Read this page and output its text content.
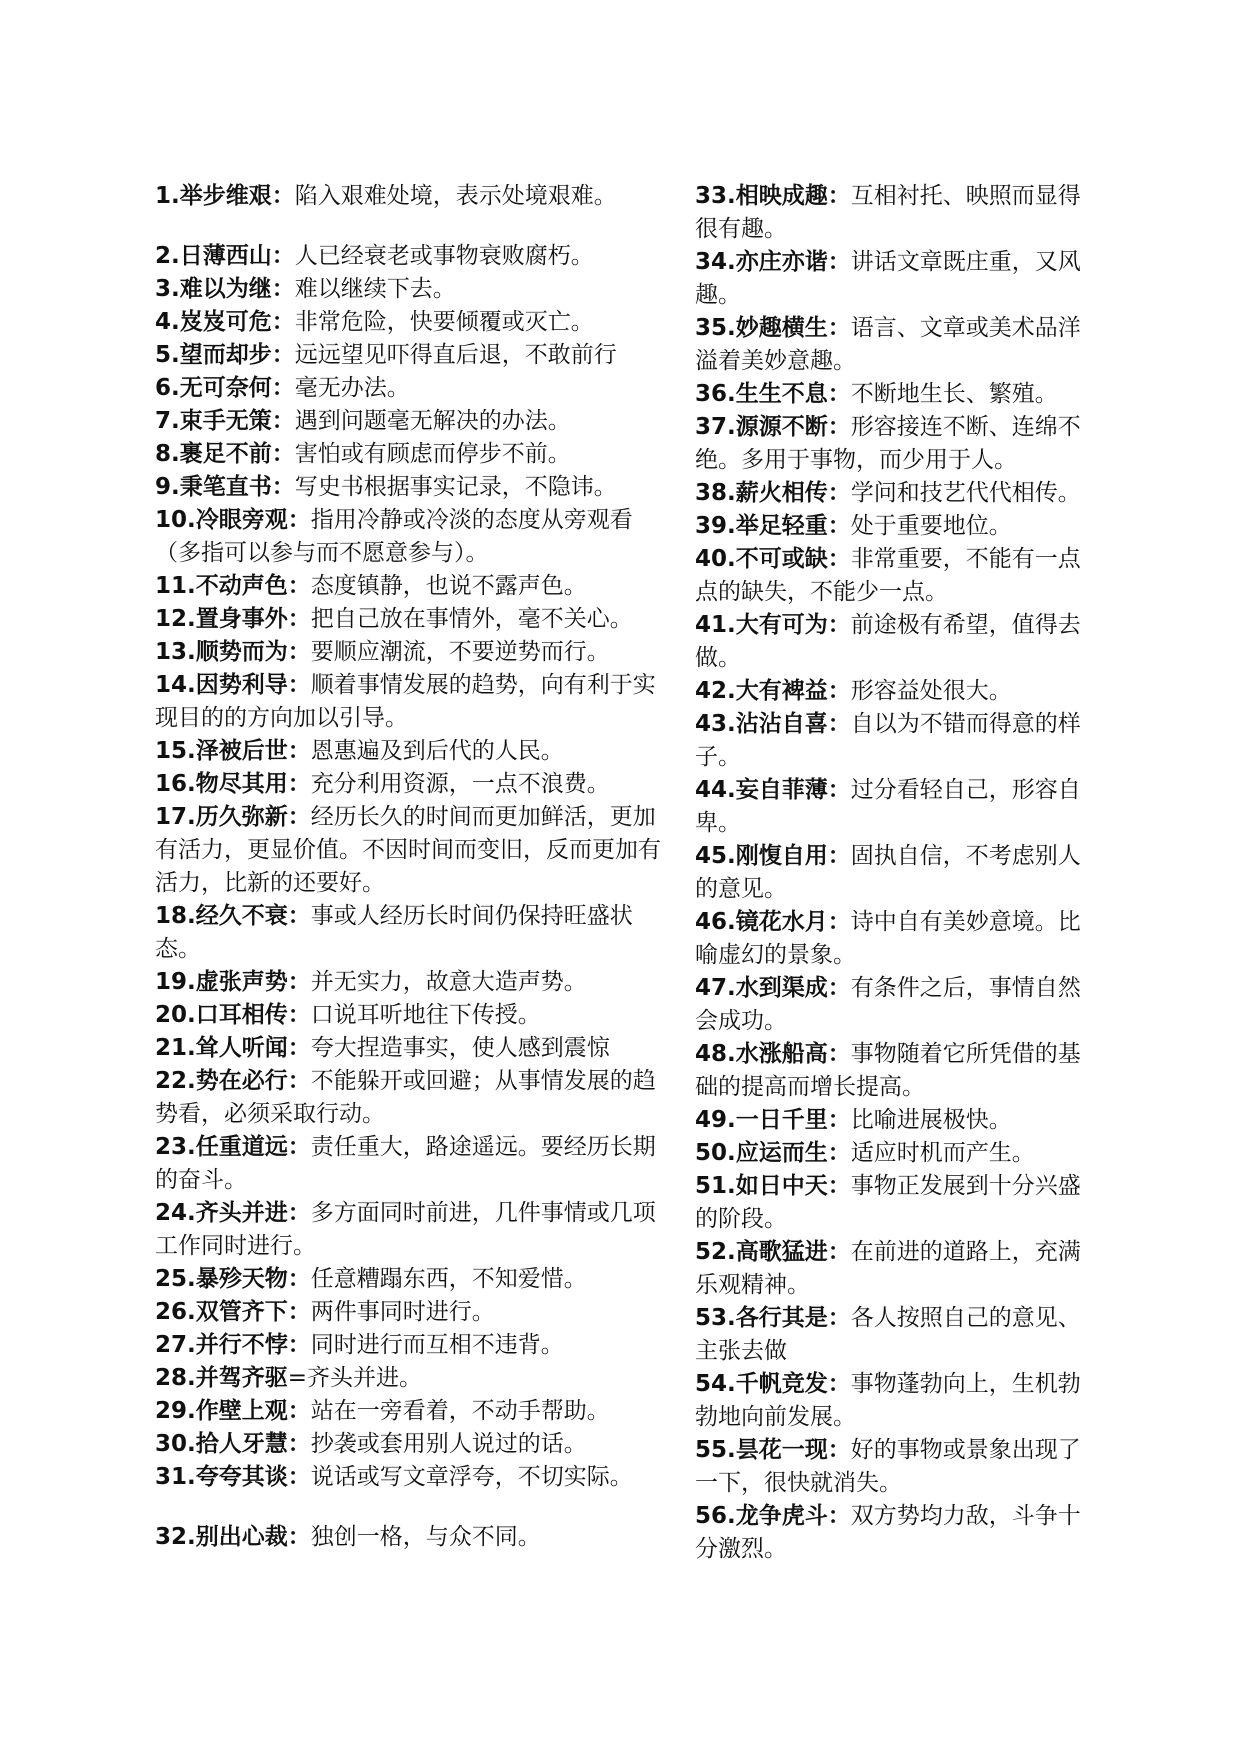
1.举步维艰：陷入艰难处境，表示处境艰难。

2.日薄西山：人已经衰老或事物衰败腐朽。

3.难以为继：难以继续下去。

4.岌岌可危：非常危险，快要倾覆或灭亡。

5.望而却步：远远望见吓得直后退，不敢前行

6.无可奈何：毫无办法。

7.束手无策：遇到问题毫无解决的办法。

8.裹足不前：害怕或有顾虑而停步不前。

9.秉笔直书：写史书根据事实记录，不隐讳。

10.冷眼旁观：指用冷静或冷淡的态度从旁观看（多指可以参与而不愿意参与）。

11.不动声色：态度镇静，也说不露声色。

12.置身事外：把自己放在事情外，毫不关心。

13.顺势而为：要顺应潮流，不要逆势而行。

14.因势利导：顺着事情发展的趋势，向有利于实现目的的方向加以引导。

15.泽被后世：恩惠遍及到后代的人民。

16.物尽其用：充分利用资源，一点不浪费。

17.历久弥新：经历长久的时间而更加鲜活，更加有活力，更显价值。不因时间而变旧，反而更加有活力，比新的还要好。

18.经久不衰：事或人经历长时间仍保持旺盛状态。

19.虚张声势：并无实力，故意大造声势。

20.口耳相传：口说耳听地往下传授。

21.耸人听闻：夸大捏造事实，使人感到震惊

22.势在必行：不能躲开或回避；从事情发展的趋势看，必须采取行动。

23.任重道远：责任重大，路途遥远。要经历长期的奋斗。

24.齐头并进：多方面同时前进，几件事情或几项工作同时进行。

25.暴殄天物：任意糟蹋东西，不知爱惜。

26.双管齐下：两件事同时进行。

27.并行不悖：同时进行而互相不违背。

28.并驾齐驱=齐头并进。

29.作壁上观：站在一旁看着，不动手帮助。

30.拾人牙慧：抄袭或套用别人说过的话。

31.夸夸其谈：说话或写文章浮夸，不切实际。

32.别出心裁：独创一格，与众不同。

33.相映成趣：互相衬托、映照而显得很有趣。

34.亦庄亦谐：讲话文章既庄重，又风趣。

35.妙趣横生：语言、文章或美术品洋溢着美妙意趣。

36.生生不息：不断地生长、繁殖。

37.源源不断：形容接连不断、连绵不绝。多用于事物，而少用于人。

38.薪火相传：学问和技艺代代相传。

39.举足轻重：处于重要地位。

40.不可或缺：非常重要，不能有一点点的缺失，不能少一点。

41.大有可为：前途极有希望，值得去做。

42.大有裨益：形容益处很大。

43.沾沾自喜：自以为不错而得意的样子。

44.妄自菲薄：过分看轻自己，形容自卑。

45.刚愎自用：固执自信，不考虑别人的意见。

46.镜花水月：诗中自有美妙意境。比喻虚幻的景象。

47.水到渠成：有条件之后，事情自然会成功。

48.水涨船高：事物随着它所凭借的基础的提高而增长提高。

49.一日千里：比喻进展极快。

50.应运而生：适应时机而产生。

51.如日中天：事物正发展到十分兴盛的阶段。

52.高歌猛进：在前进的道路上，充满乐观精神。

53.各行其是：各人按照自己的意见、主张去做

54.千帆竞发：事物蓬勃向上，生机勃勃地向前发展。

55.昙花一现：好的事物或景象出现了一下，很快就消失。

56.龙争虎斗：双方势均力敌，斗争十分激烈。
